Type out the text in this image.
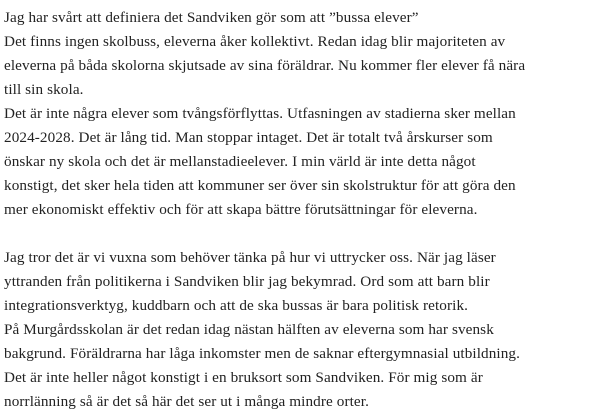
Jag har svårt att definiera det Sandviken gör som att ”bussa elever”
Det finns ingen skolbuss, eleverna åker kollektivt. Redan idag blir majoriteten av
eleverna på båda skolorna skjutsade av sina föräldrar. Nu kommer fler elever få nära
till sin skola.
Det är inte några elever som tvångsförflyttas. Utfasningen av stadierna sker mellan
2024-2028. Det är lång tid. Man stoppar intaget. Det är totalt två årskurser som
önskar ny skola och det är mellanstadieelever. I min värld är inte detta något
konstigt, det sker hela tiden att kommuner ser över sin skolstruktur för att göra den
mer ekonomiskt effektiv och för att skapa bättre förutsättningar för eleverna.
Jag tror det är vi vuxna som behöver tänka på hur vi uttrycker oss. När jag läser
yttranden från politikerna i Sandviken blir jag bekymrad. Ord som att barn blir
integrationsverktyg, kuddbarn och att de ska bussas är bara politisk retorik.
På Murgårdsskolan är det redan idag nästan hälften av eleverna som har svensk
bakgrund. Föräldrarna har låga inkomster men de saknar eftergymnasial utbildning.
Det är inte heller något konstigt i en bruksort som Sandviken. För mig som är
norrlänning så är det så här det ser ut i många mindre orter.
